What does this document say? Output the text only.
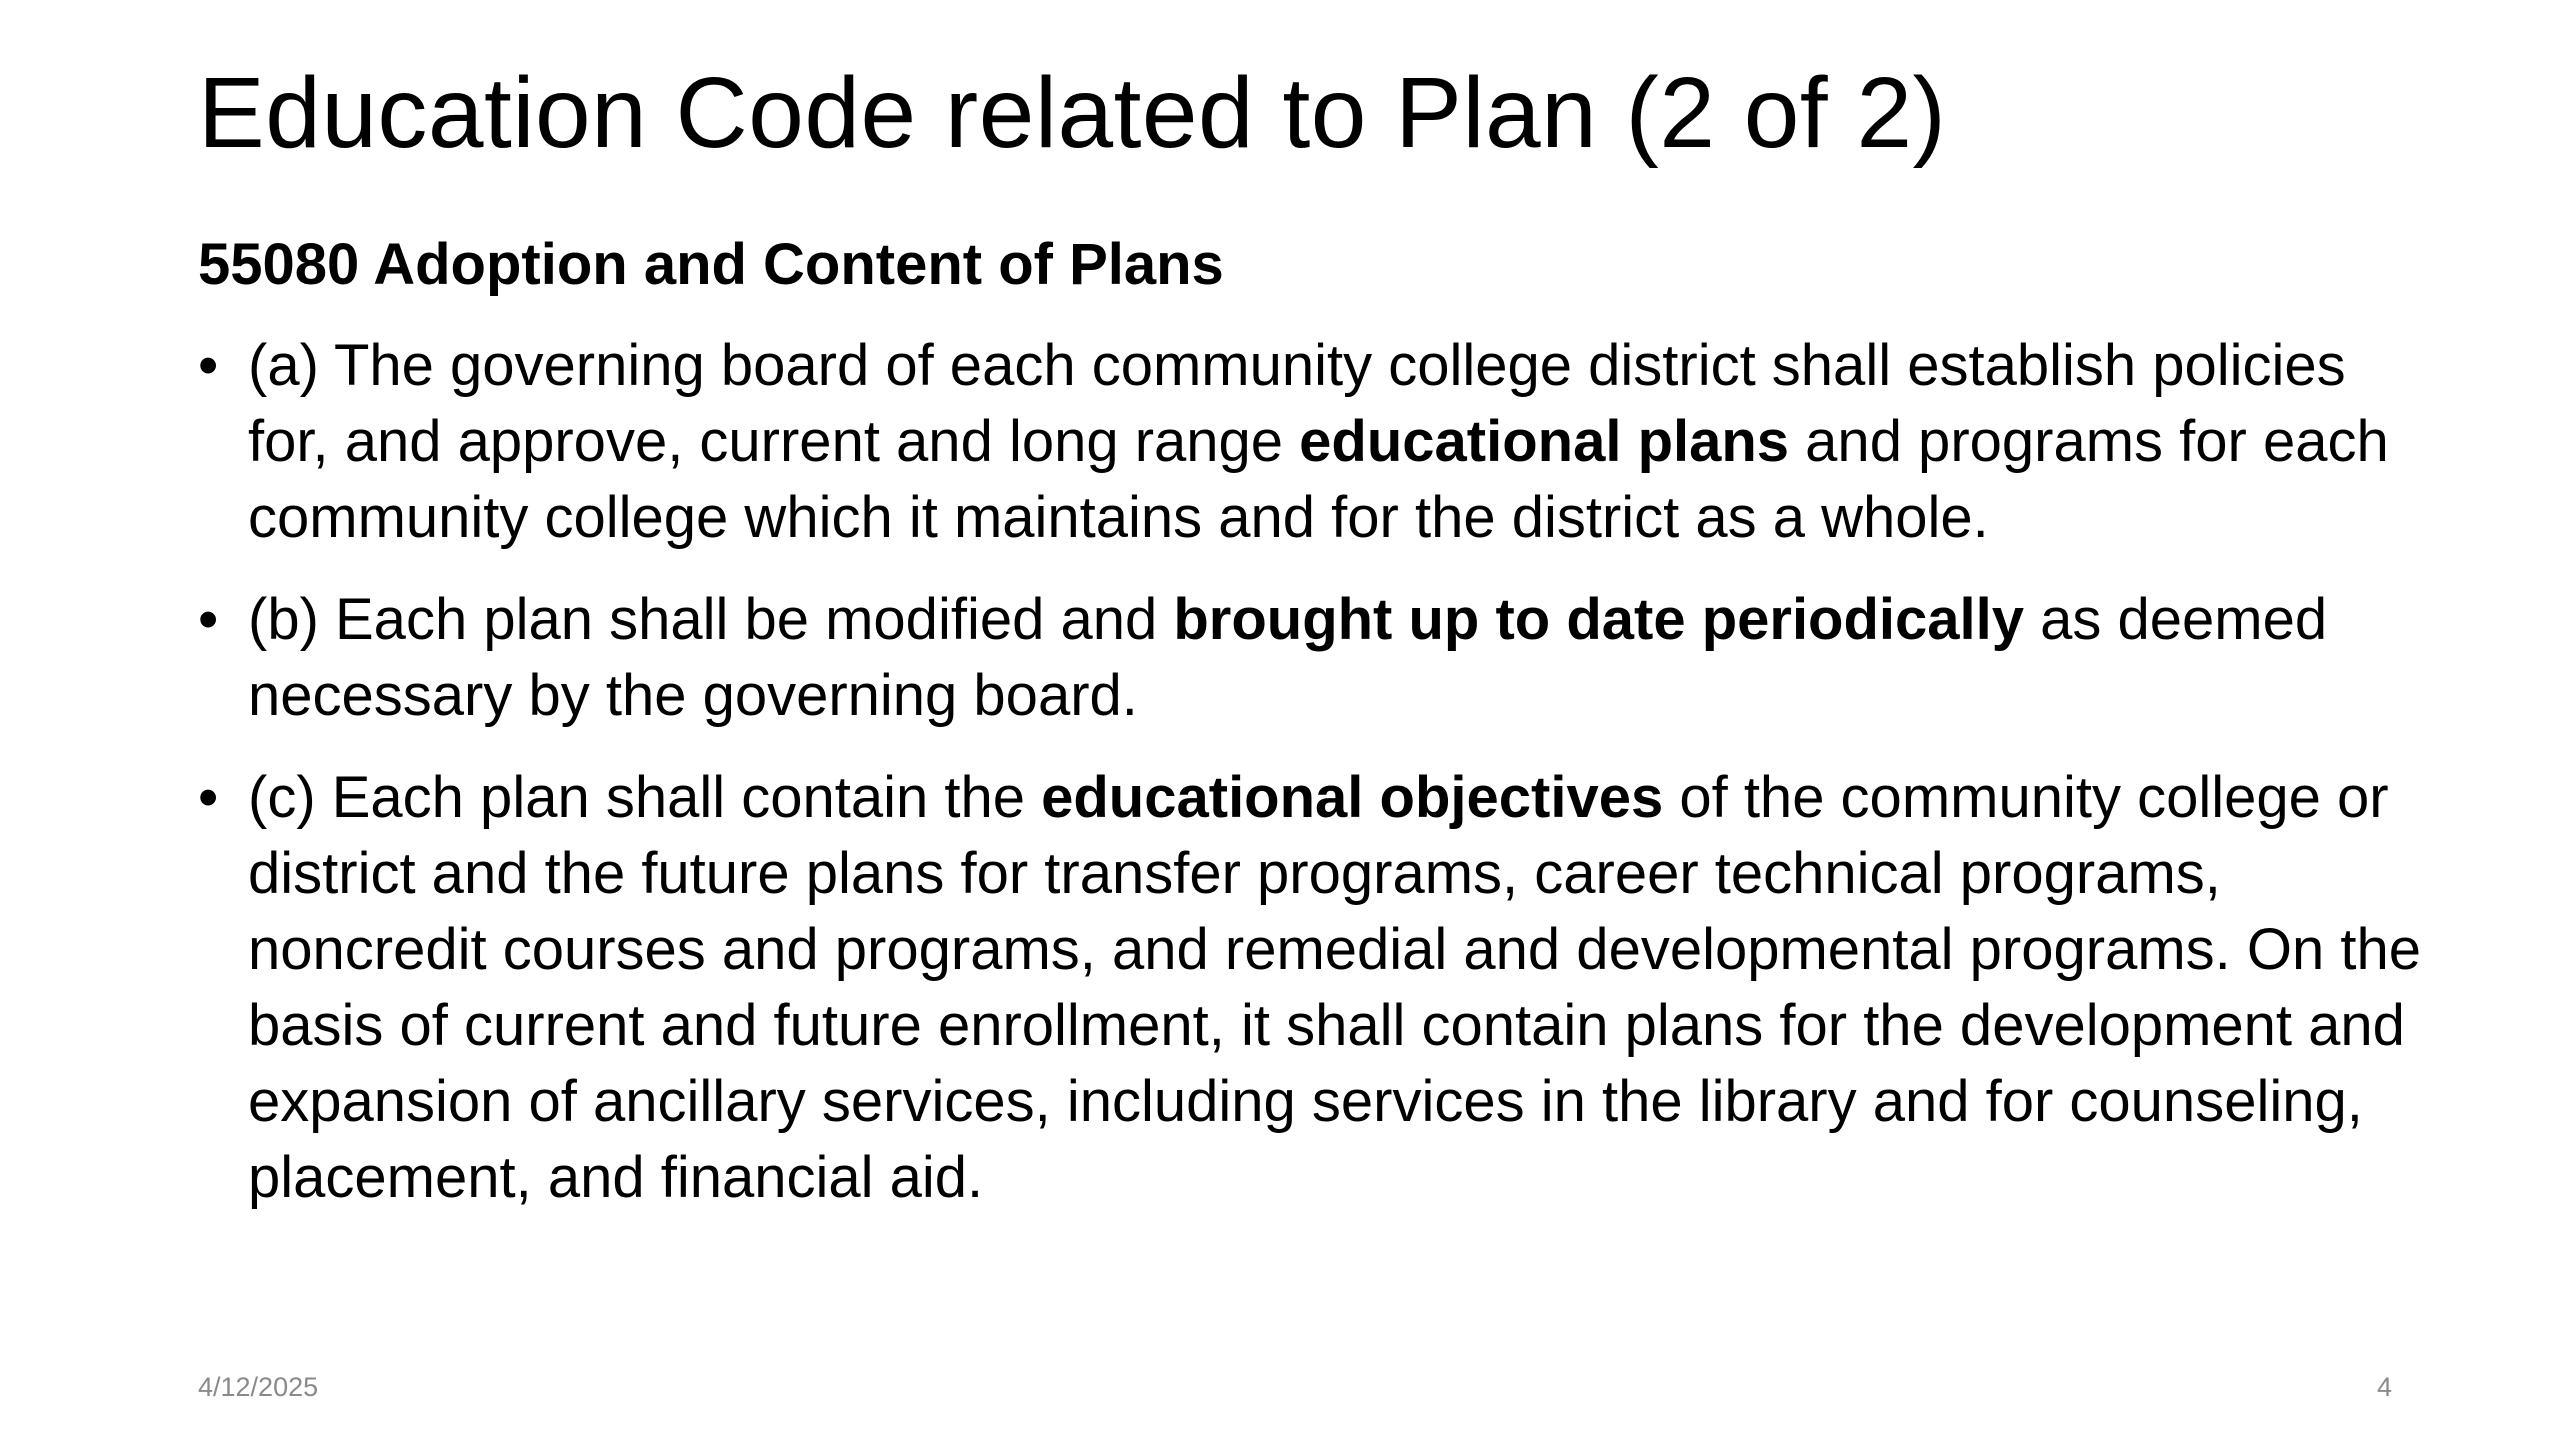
Education Code related to Plan (2 of 2)
55080 Adoption and Content of Plans
• (a) The governing board of each community college district shall establish policies for, and approve, current and long range educational plans and programs for each community college which it maintains and for the district as a whole.
• (b) Each plan shall be modified and brought up to date periodically as deemed necessary by the governing board.
• (c) Each plan shall contain the educational objectives of the community college or district and the future plans for transfer programs, career technical programs, noncredit courses and programs, and remedial and developmental programs. On the basis of current and future enrollment, it shall contain plans for the development and expansion of ancillary services, including services in the library and for counseling, placement, and financial aid.
4/12/2025	4
